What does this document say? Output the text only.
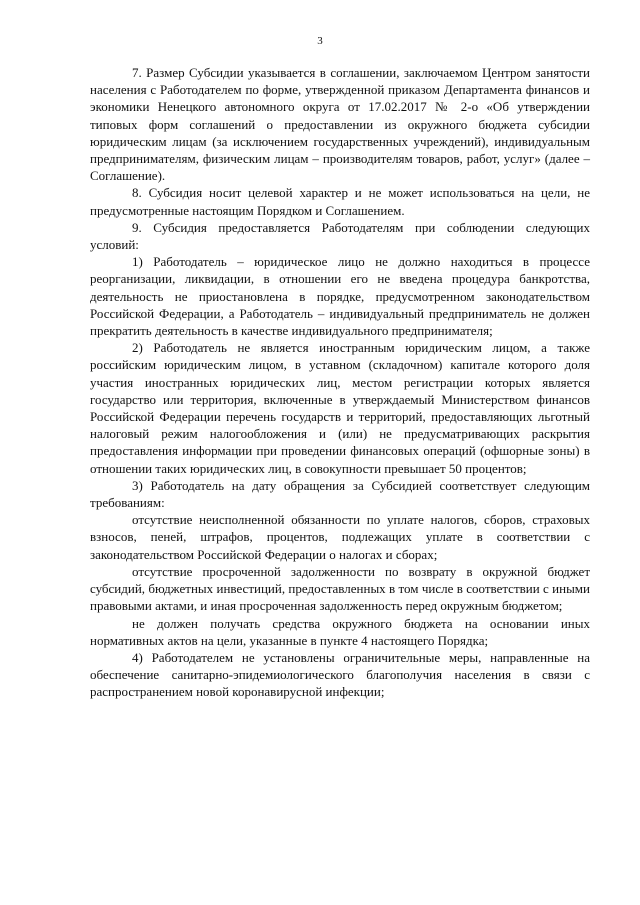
3

7. Размер Субсидии указывается в соглашении, заключаемом Центром занятости населения с Работодателем по форме, утвержденной приказом Департамента финансов и экономики Ненецкого автономного округа от 17.02.2017 № 2-о «Об утверждении типовых форм соглашений о предоставлении из окружного бюджета субсидии юридическим лицам (за исключением государственных учреждений), индивидуальным предпринимателям, физическим лицам – производителям товаров, работ, услуг» (далее – Соглашение).

8. Субсидия носит целевой характер и не может использоваться на цели, не предусмотренные настоящим Порядком и Соглашением.

9. Субсидия предоставляется Работодателям при соблюдении следующих условий:

1) Работодатель – юридическое лицо не должно находиться в процессе реорганизации, ликвидации, в отношении его не введена процедура банкротства, деятельность не приостановлена в порядке, предусмотренном законодательством Российской Федерации, а Работодатель – индивидуальный предприниматель не должен прекратить деятельность в качестве индивидуального предпринимателя;

2) Работодатель не является иностранным юридическим лицом, а также российским юридическим лицом, в уставном (складочном) капитале которого доля участия иностранных юридических лиц, местом регистрации которых является государство или территория, включенные в утверждаемый Министерством финансов Российской Федерации перечень государств и территорий, предоставляющих льготный налоговый режим налогообложения и (или) не предусматривающих раскрытия предоставления информации при проведении финансовых операций (офшорные зоны) в отношении таких юридических лиц, в совокупности превышает 50 процентов;

3) Работодатель на дату обращения за Субсидией соответствует следующим требованиям:

отсутствие неисполненной обязанности по уплате налогов, сборов, страховых взносов, пеней, штрафов, процентов, подлежащих уплате в соответствии с законодательством Российской Федерации о налогах и сборах;

отсутствие просроченной задолженности по возврату в окружной бюджет субсидий, бюджетных инвестиций, предоставленных в том числе в соответствии с иными правовыми актами, и иная просроченная задолженность перед окружным бюджетом;

не должен получать средства окружного бюджета на основании иных нормативных актов на цели, указанные в пункте 4 настоящего Порядка;

4) Работодателем не установлены ограничительные меры, направленные на обеспечение санитарно-эпидемиологического благополучия населения в связи с распространением новой коронавирусной инфекции;
